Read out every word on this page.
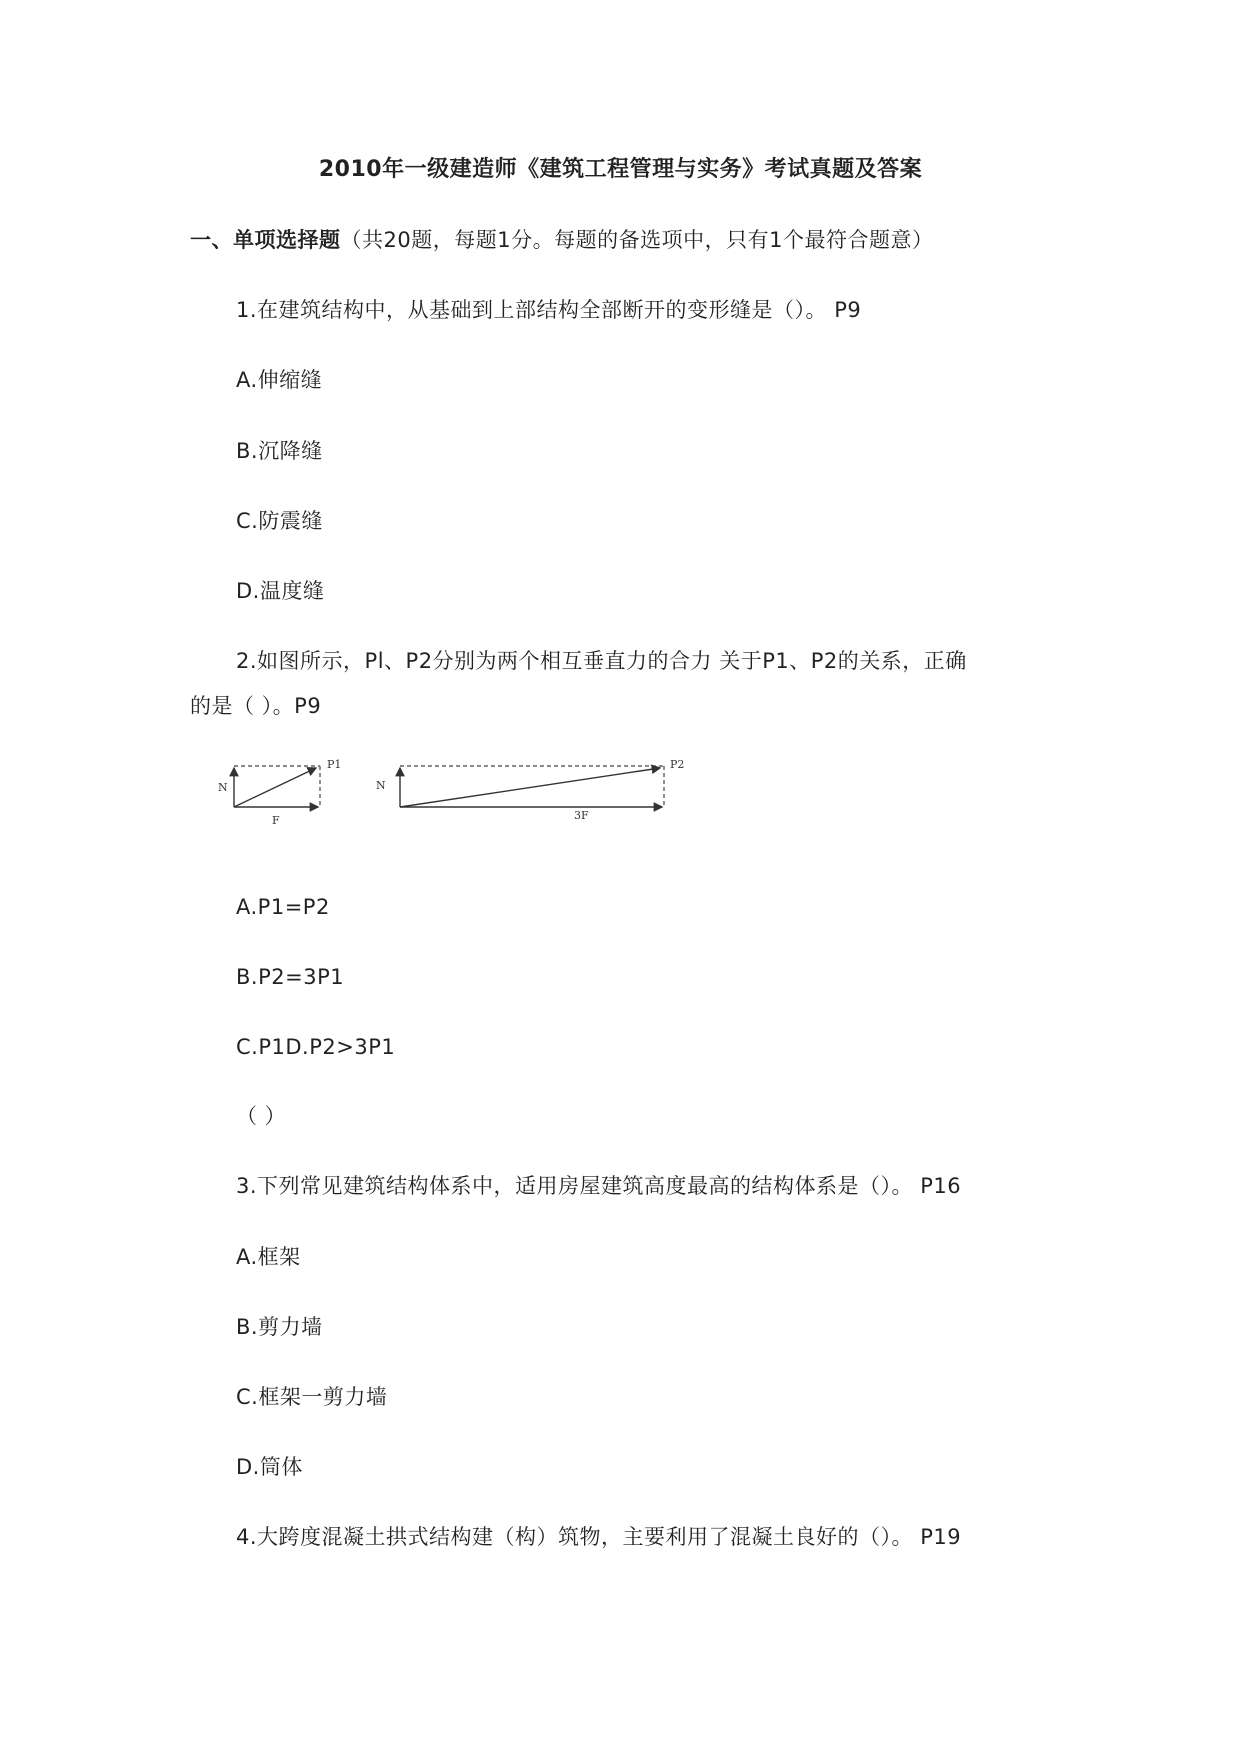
2010年一级建造师《建筑工程管理与实务》考试真题及答案
一、单项选择题（共20题，每题1分。每题的备选项中，只有1个最符合题意）
1.在建筑结构中，从基础到上部结构全部断开的变形缝是（）。 P9
A.伸缩缝
B.沉降缝
C.防震缝
D.温度缝
2.如图所示，Pl、P2分别为两个相互垂直力的合力 关于P1、P2的关系，正确
的是（ ）。P9
N
F
P1
N
3F
P2
A.P1=P2
B.P2=3P1
C.P1D.P2>3P1
（ ）
3.下列常见建筑结构体系中，适用房屋建筑高度最高的结构体系是（）。 P16
A.框架
B.剪力墙
C.框架一剪力墙
D.筒体
4.大跨度混凝土拱式结构建（构）筑物，主要利用了混凝土良好的（）。 P19
